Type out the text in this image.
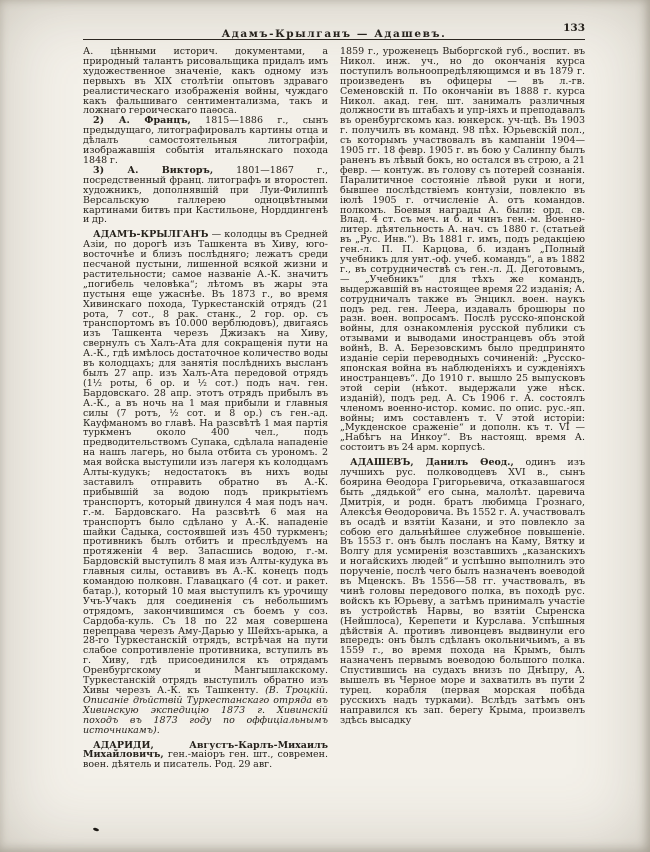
Адамъ-Крылганъ — Адашевъ.	133

А. цѣнными историч. документами, а природный талантъ рисовальщика придалъ имъ художественное значеніе, какъ одному изъ первыхъ въ XIX столѣтіи опытовъ здраваго реалистическаго изображенія войны, чуждаго какъ фальшиваго сентиментализма, такъ и ложнаго героическаго паѳоса.

2) А. Францъ, 1815—1886 г., сынъ предыдущаго, литографировалъ картины отца и дѣлалъ самостоятельныя литографіи, изображавшія событія итальянскаго похода 1848 г.

3) А. Викторъ, 1801—1867 г., посредственный франц. литографъ и второстеп. художникъ, дополнявшій при Луи-Филиппѣ Версальскую галлерею одноцвѣтными картинами битвъ при Кастильоне, Норддингенѣ и др.

АДАМЪ-КРЫЛГАНЪ — колодцы въ Средней Азіи, по дорогѣ изъ Ташкента въ Хиву, юго-восточнѣе и близъ послѣдняго; лежатъ среди песчаной пустыни, лишенной всякой жизни и растительности; самое названіе А.-К. значитъ „погибель человѣка“; лѣтомъ въ жары эта пустыня еще ужаснѣе. Въ 1873 г., во время Хивинскаго похода, Туркестанскій отрядъ (21 рота, 7 сот., 8 рак. станк., 2 гор. ор. съ транспортомъ въ 10.000 верблюдовъ), двигаясь изъ Ташкента черезъ Джизакъ на Хиву, свернулъ съ Халъ-Ата для сокращенія пути на А.-К., гдѣ имѣлось достаточное количество воды въ колодцахъ; для занятія послѣднихъ высланъ былъ 27 апр. изъ Халъ-Ата передовой отрядъ (1½ роты, 6 ор. и ½ сот.) подъ нач. ген. Бардовскаго. 28 апр. этотъ отрядъ прибылъ въ А.-К., а въ ночь на 1 мая прибыли и главныя силы (7 ротъ, ½ сот. и 8 ор.) съ ген.-ад. Кауфманомъ во главѣ. На разсвѣтѣ 1 мая партія туркменъ около 400 чел., подъ предводительствомъ Супака, сдѣлала нападеніе на нашъ лагерь, но была отбита съ урономъ. 2 мая войска выступили изъ лагеря къ колодцамъ Алты-кудукъ; недостатокъ въ нихъ воды заставилъ отправить обратно въ А.-К. прибывшій за водою подъ прикрытіемъ транспортъ, который двинулся 4 мая подъ нач. г.-м. Бардовскаго. На разсвѣтѣ 6 мая на транспортъ было сдѣлано у А.-К. нападеніе шайки Садыка, состоявшей изъ 450 туркменъ; противникъ былъ отбитъ и преслѣдуемъ на протяженіи 4 вер. Запасшись водою, г.-м. Бардовскій выступилъ 8 мая изъ Алты-кудука въ главныя силы, оставивъ въ А.-К. конецъ подъ командою полковн. Главацкаго (4 сот. и ракет. батар.), который 10 мая выступилъ къ урочищу Учъ-Учакъ для соединенія съ небольшимъ отрядомъ, закончившимся съ боемъ у соз. Сардоба-куль. Съ 18 по 22 мая совершена переправа черезъ Аму-Дарью у Шейхъ-арыка, а 28-го Туркестанскій отрядъ, встрѣчая на пути слабое сопротивленіе противника, вступилъ въ г. Хиву, гдѣ присоединился къ отрядамъ Оренбургскому и Мангышлакскому. Туркестанскій отрядъ выступилъ обратно изъ Хивы черезъ А.-К. къ Ташкенту. (В. Троцкій. Описаніе дѣйствій Туркестанскаго отряда въ Хивинскую экспедицію 1873 г. Хивинскій походъ въ 1873 году по оффиціальнымъ источникамъ).

АДАРИДИ, Августъ-Карлъ-Михаилъ Михайловичъ, ген.-маіоръ ген. шт., современ. воен. дѣятель и писатель. Род. 29 авг.

1859 г., уроженецъ Выборгской губ., воспит. въ Никол. инж. уч., но до окончанія курса поступилъ вольноопредѣляющимся и въ 1879 г. произведенъ въ офицеры — въ л.-гв. Семеновскій п. По окончаніи въ 1888 г. курса Никол. акад. ген. шт. занималъ различныя должности въ штабахъ и упр-іяхъ и преподавалъ въ оренбургскомъ каз. юнкерск. уч-щѣ. Въ 1903 г. получилъ въ команд. 98 пѣх. Юрьевскій пол., съ которымъ участвовалъ въ кампаніи 1904—1905 гг. 18 февр. 1905 г. въ бою у Салинпу былъ раненъ въ лѣвый бокъ, но остался въ строю, а 21 февр. — контуж. въ голову съ потерей сознанія. Паралитичное состояніе лѣвой руки и ноги, бывшее послѣдствіемъ контузіи, повлекло въ іюлѣ 1905 г. отчисленіе А. отъ командов. полкомъ. Боевыя награды А. были: орд. св. Влад. 4 ст. съ меч. и б. и чинъ ген.-м. Военно-литер. дѣятельность А. нач. съ 1880 г. (статьей въ „Рус. Инв.“). Въ 1881 г. имъ, подъ редакціею ген.-л. П. П. Карцова, б. изданъ „Полный учебникъ для унт.-оф. учеб. командъ“, а въ 1882 г., въ сотрудничествѣ съ ген.-л. Д. Деготовымъ, — „Учебникъ“ для тѣхъ же командъ, выдержавшій въ настоящее время 22 изданія; А. сотрудничалъ также въ Энцикл. воен. наукъ подъ ред. ген. Леера, издавалъ брошюры по разн. воен. вопросамъ. Послѣ русско-японской войны, для ознакомленія русской публики съ отзывами и выводами иностранцевъ объ этой войнѣ, В. А. Березовскимъ было предпринято изданіе серіи переводныхъ сочиненій: „Русско-японская война въ наблюденіяхъ и сужденіяхъ иностранцевъ“. До 1910 г. вышло 25 выпусковъ этой серіи (нѣкот. выдержали уже нѣск. изданій), подъ ред. А. Съ 1906 г. А. состоялъ членомъ военно-истор. комис. по опис. рус.-яп. войны; имъ составленъ т. V этой исторіи: „Мукденское сраженіе“ и дополн. къ т. VI — „Набѣгъ на Инкоу“. Въ настоящ. время А. состоитъ въ 24 арм. корпусѣ.

АДАШЕВЪ, Данилъ Ѳеод., одинъ изъ лучшихъ рус. полководцевъ XVI в., сынъ боярина Ѳеодора Григорьевича, отказавшагося быть „дядькой“ его сына, малолѣт. царевича Дмитрія, и родн. братъ любимца Грознаго, Алексѣя Ѳеодоровича. Въ 1552 г. А. участвовалъ въ осадѣ и взятіи Казани, и это повлекло за собою его дальнѣйшее служебное повышеніе. Въ 1553 г. онъ былъ посланъ на Каму, Вятку и Волгу для усмиренія возставшихъ „казанскихъ и ногайскихъ людей“ и успѣшно выполнилъ это порученіе, послѣ чего былъ назначенъ воеводой въ Мценскъ. Въ 1556—58 гг. участвовалъ, въ чинѣ головы передового полка, въ походѣ рус. войскъ къ Юрьеву, а затѣмъ принималъ участіе въ устройствѣ Нарвы, во взятіи Сыренска (Нейшлоса), Керепети и Курслава. Успѣшныя дѣйствія А. противъ ливонцевъ выдвинули его впередъ: онъ былъ сдѣланъ окольничьимъ, а въ 1559 г., во время похода на Крымъ, былъ назначенъ первымъ воеводою большого полка. Спустившись на судахъ внизъ по Днѣпру, А. вышелъ въ Черное море и захватилъ въ пути 2 турец. корабля (первая морская побѣда русскихъ надъ турками). Вслѣдъ затѣмъ онъ направился къ зап. берегу Крыма, произвелъ здѣсь высадку
